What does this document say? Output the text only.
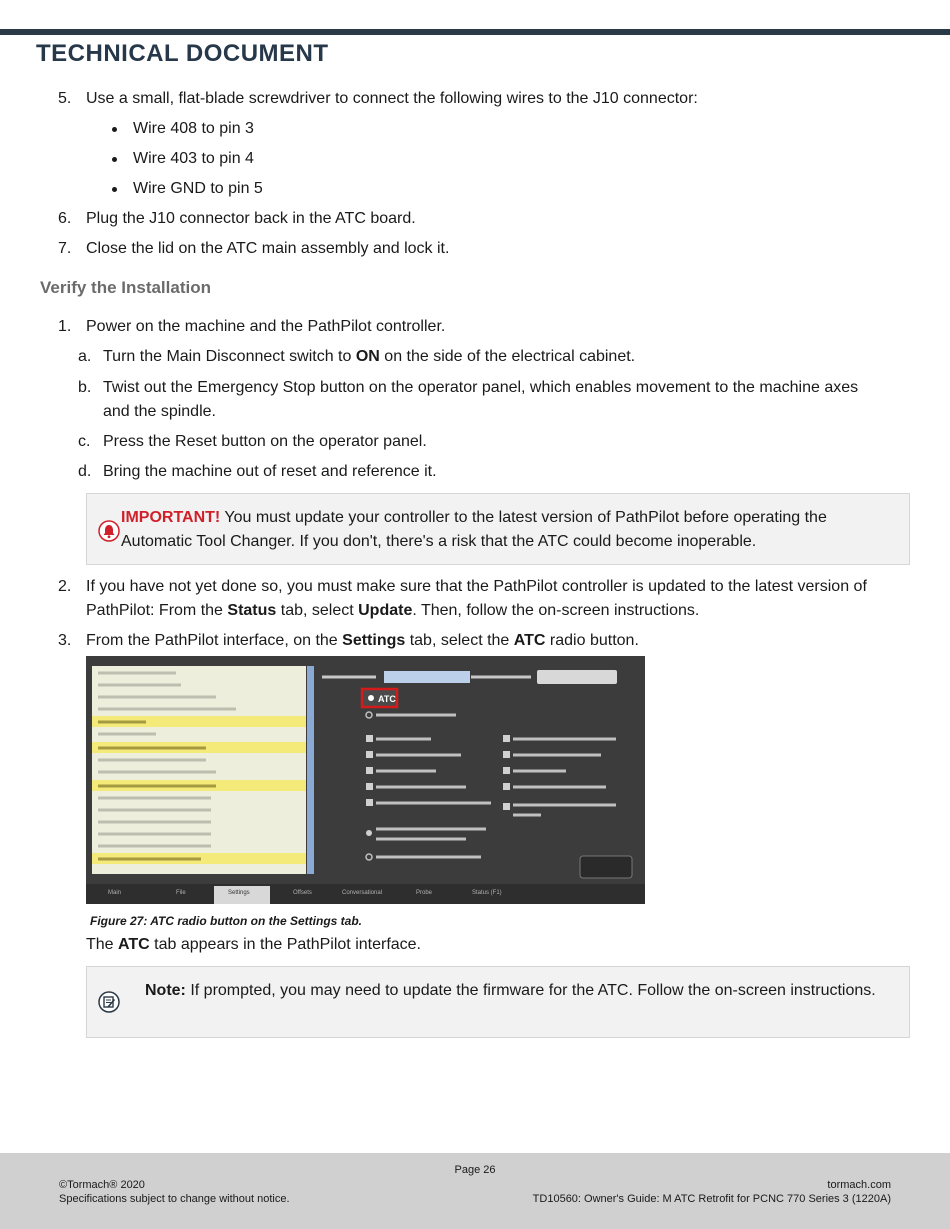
TECHNICAL DOCUMENT
5. Use a small, flat-blade screwdriver to connect the following wires to the J10 connector:
Wire 408 to pin 3
Wire 403 to pin 4
Wire GND to pin 5
6. Plug the J10 connector back in the ATC board.
7. Close the lid on the ATC main assembly and lock it.
Verify the Installation
1. Power on the machine and the PathPilot controller.
a. Turn the Main Disconnect switch to ON on the side of the electrical cabinet.
b. Twist out the Emergency Stop button on the operator panel, which enables movement to the machine axes and the spindle.
c. Press the Reset button on the operator panel.
d. Bring the machine out of reset and reference it.
IMPORTANT! You must update your controller to the latest version of PathPilot before operating the Automatic Tool Changer. If you don't, there's a risk that the ATC could become inoperable.
2. If you have not yet done so, you must make sure that the PathPilot controller is updated to the latest version of PathPilot: From the Status tab, select Update. Then, follow the on-screen instructions.
3. From the PathPilot interface, on the Settings tab, select the ATC radio button.
ATC
Main	File	Settings	Offsets	Conversational	Probe	Status (F1)
Figure 27: ATC radio button on the Settings tab.
The ATC tab appears in the PathPilot interface.
Note: If prompted, you may need to update the firmware for the ATC. Follow the on-screen instructions.
Page 26
©Tormach® 2020
Specifications subject to change without notice.
tormach.com
TD10560: Owner's Guide: M ATC Retrofit for PCNC 770 Series 3 (1220A)
